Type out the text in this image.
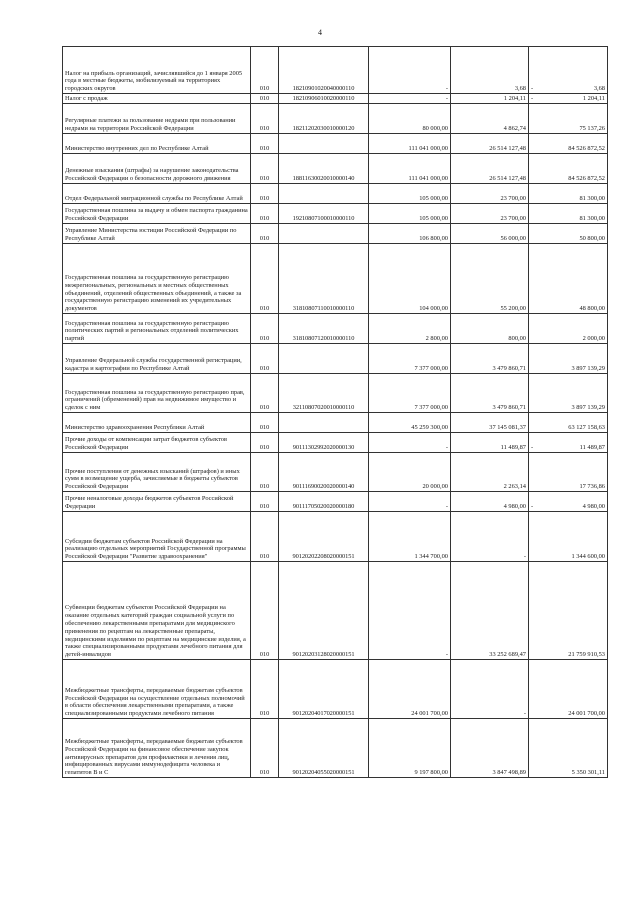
4
Налог на прибыль организаций, зачислявшийся до 1 января 2005 года в местные бюджеты, мобилизуемый на территориях городских округов	010	18210901020040000110	-	3,68	- 3,68
Налог с продаж	010	18210906010020000110	-	1 204,11	- 1 204,11
Регулярные платежи за пользование недрами при пользовании недрами на территории Российской Федерации	010	18211202030010000120	80 000,00	4 862,74	75 137,26
Министерство внутренних дел по Республике Алтай	010		111 041 000,00	26 514 127,48	84 526 872,52
Денежные взыскания (штрафы) за нарушение законодательства Российской Федерации о безопасности дорожного движения	010	18811630020010000140	111 041 000,00	26 514 127,48	84 526 872,52
Отдел Федеральной миграционной службы по Республике Алтай	010		105 000,00	23 700,00	81 300,00
Государственная пошлина за выдачу и обмен паспорта гражданина Российской Федерации	010	19210807100010000110	105 000,00	23 700,00	81 300,00
Управление Министерства юстиции Российской Федерации по Республике Алтай	010		106 800,00	56 000,00	50 800,00
Государственная пошлина за государственную регистрацию межрегиональных, региональных и местных общественных объединений, отделений общественных объединений, а также за государственную регистрацию изменений их учредительных документов	010	31810807110010000110	104 000,00	55 200,00	48 800,00
Государственная пошлина за государственную регистрацию политических партий и региональных отделений политических партий	010	31810807120010000110	2 800,00	800,00	2 000,00
Управление Федеральной службы государственной регистрации, кадастра и картографии по Республике Алтай	010		7 377 000,00	3 479 860,71	3 897 139,29
Государственная пошлина за государственную регистрацию прав, ограничений (обременений) прав на недвижимое имущество и сделок с ним	010	32110807020010000110	7 377 000,00	3 479 860,71	3 897 139,29
Министерство здравоохранения Республики Алтай	010		45 259 300,00	37 145 081,37	63 127 158,63
Прочие доходы от компенсации затрат бюджетов субъектов Российской Федерации	010	90111302992020000130	-	11 489,87	- 11 489,87
Прочие поступления от денежных взысканий (штрафов) и иных сумм в возмещение ущерба, зачисляемые в бюджеты субъектов Российской Федерации	010	90111690020020000140	20 000,00	2 263,14	17 736,86
Прочие неналоговые доходы бюджетов субъектов Российской Федерации	010	90111705020020000180	-	4 980,00	- 4 980,00
Субсидии бюджетам субъектов Российской Федерации на реализацию отдельных мероприятий Государственной программы Российской Федерации "Развитие здравоохранения"	010	90120202208020000151	1 344 700,00	-	1 344 600,00
Субвенции бюджетам субъектов Российской Федерации на оказание отдельных категорий граждан социальной услуги по обеспечению лекарственными препаратами для медицинского применения по рецептам на лекарственные препараты, медицинскими изделиями по рецептам на медицинские изделия, а также специализированными продуктами лечебного питания для детей-инвалидов	010	90120203128020000151	-	33 252 689,47	21 759 910,53
Межбюджетные трансферты, передаваемые бюджетам субъектов Российской Федерации на осуществление отдельных полномочий в области обеспечения лекарственными препаратами, а также специализированными продуктами лечебного питания	010	90120204017020000151	24 001 700,00	-	24 001 700,00
Межбюджетные трансферты, передаваемые бюджетам субъектов Российской Федерации на финансовое обеспечение закупок антивирусных препаратов для профилактики и лечения лиц, инфицированных вирусами иммунодефицита человека и гепатитов В и С	010	90120204055020000151	9 197 800,00	3 847 498,89	5 350 301,11
